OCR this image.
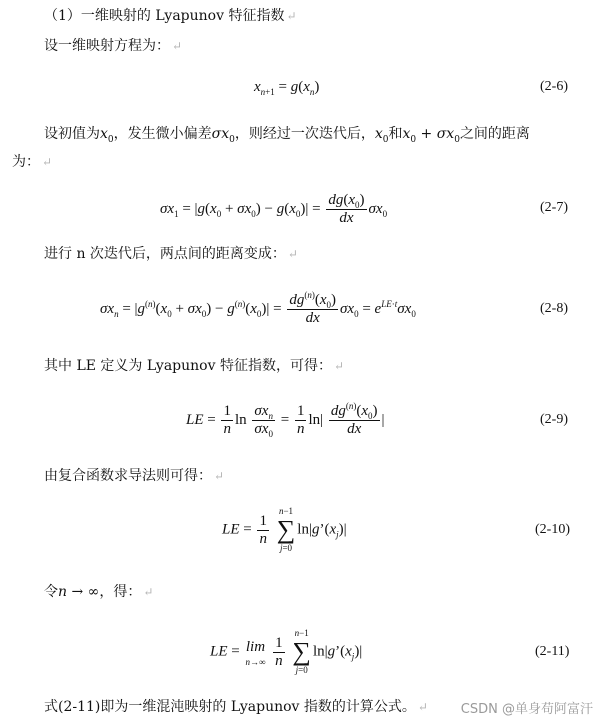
（1）一维映射的 Lyapunov 特征指数 ↵
设一维映射方程为： ↵
$x_{n+1} = g(x_n)$	(2-6)
设初值为$x_0$，发生微小偏差$\sigma x_0$，则经过一次迭代后，$x_0$和$x_0 + \sigma x_0$之间的距离
为： ↵
$\sigma x_1 = |g(x_0 + \sigma x_0) - g(x_0)| = \frac{dg(x_0)}{dx} \sigma x_0$	(2-7)
进行 n 次迭代后，两点间的距离变成： ↵
$\sigma x_n = |g^{(n)}(x_0 + \sigma x_0) - g^{(n)}(x_0)| = \frac{dg^{(n)}(x_0)}{dx} \sigma x_0 = e^{LE\cdot t}\sigma x_0$	(2-8)
其中 LE 定义为 Lyapunov 特征指数，可得： ↵
LE = $\frac{1}{n}$ $\ln \frac{\sigma x_n}{\sigma x_0} = \frac{1}{n} \ln| \frac{dg^{(n)}(x_0)}{dx}$ |	(2-9)
由复合函数求导法则可得： ↵
LE = $\frac{1}{n}$

n−1
∑
j=0
$\ln|g’(x_j)|$	(2-10)
令n → ∞，得： ↵
LE = lim
n→∞
$\frac{1}{n}$

n−1
∑
j=0
$\ln|g’(x_j)|$	(2-11)
式(2-11)即为一维混沌映射的 Lyapunov 指数的计算公式。 ↵	CSDN @单身苟阿富汗
